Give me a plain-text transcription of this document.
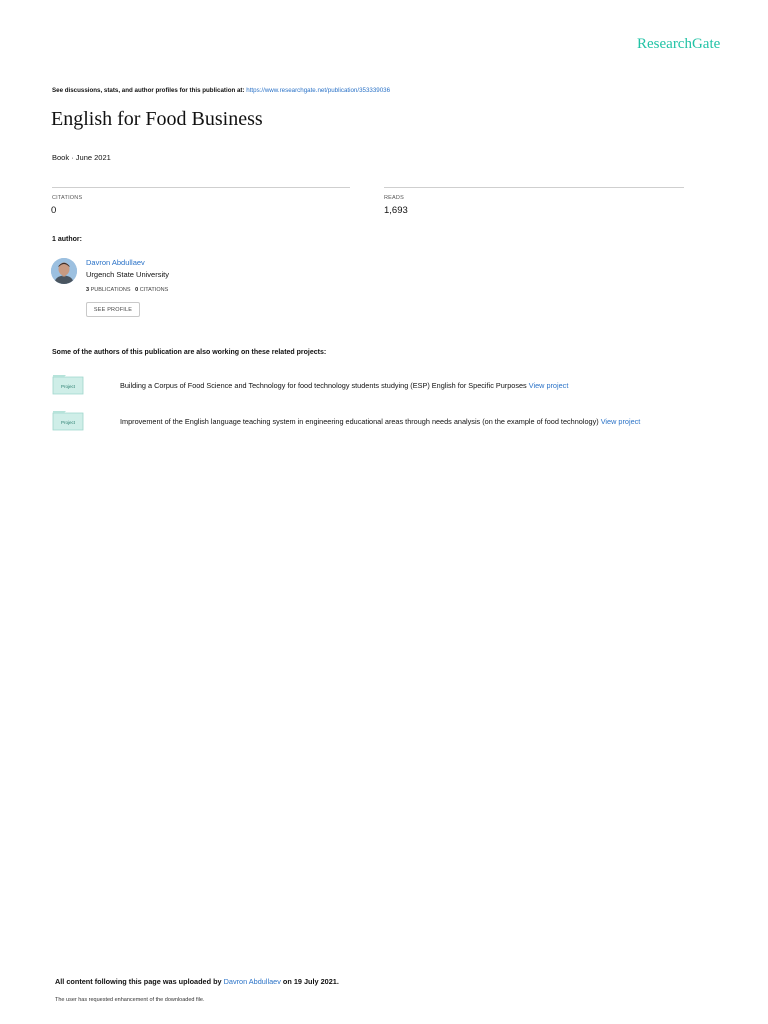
ResearchGate
See discussions, stats, and author profiles for this publication at: https://www.researchgate.net/publication/353339036
English for Food Business
Book · June 2021
CITATIONS
0
READS
1,693
1 author:
Davron Abdullaev
Urgench State University
3 PUBLICATIONS 0 CITATIONS
SEE PROFILE
Some of the authors of this publication are also working on these related projects:
Project	Building a Corpus of Food Science and Technology for food technology students studying (ESP) English for Specific Purposes View project
Project	Improvement of the English language teaching system in engineering educational areas through needs analysis (on the example of food technology) View project
All content following this page was uploaded by Davron Abdullaev on 19 July 2021.
The user has requested enhancement of the downloaded file.
